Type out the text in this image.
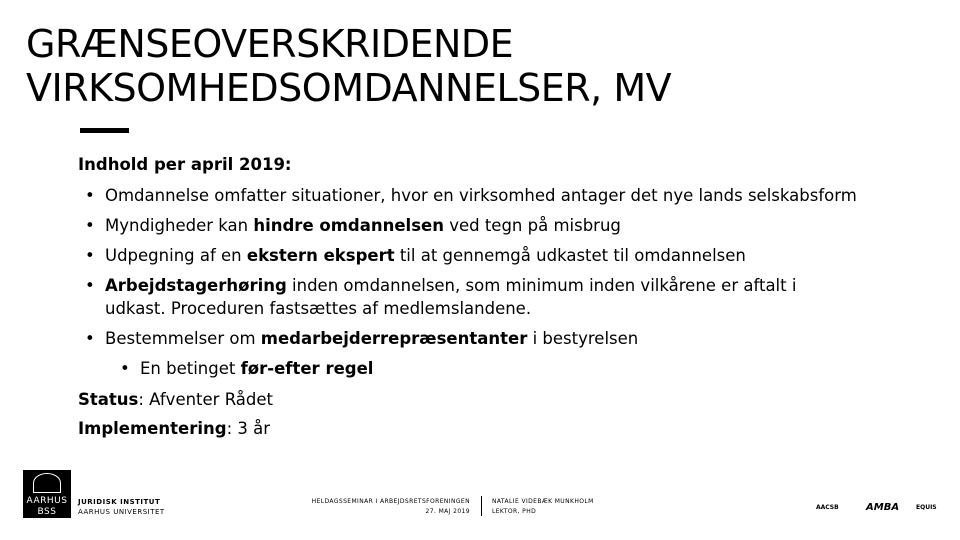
GRÆNSEOVERSKRIDENDE
VIRKSOMHEDSOMDANNELSER, MV
Indhold per april 2019:
• Omdannelse omfatter situationer, hvor en virksomhed antager det nye lands selskabsform
• Myndigheder kan hindre omdannelsen ved tegn på misbrug
• Udpegning af en ekstern ekspert til at gennemgå udkastet til omdannelsen
• Arbejdstagerhøring inden omdannelsen, som minimum inden vilkårene er aftalt i udkast. Proceduren fastsættes af medlemslandene.
• Bestemmelser om medarbejderrepræsentanter i bestyrelsen
• En betinget før-efter regel
Status: Afventer Rådet
Implementering: 3 år
AARHUS
BSS
JURIDISK INSTITUT
AARHUS UNIVERSITET
HELDAGSSEMINAR I ARBEJDSRETSFORENINGEN
27. MAJ 2019
NATALIE VIDEBÆK MUNKHOLM
LEKTOR, PHD
AACSB	AMBA	EQUIS
